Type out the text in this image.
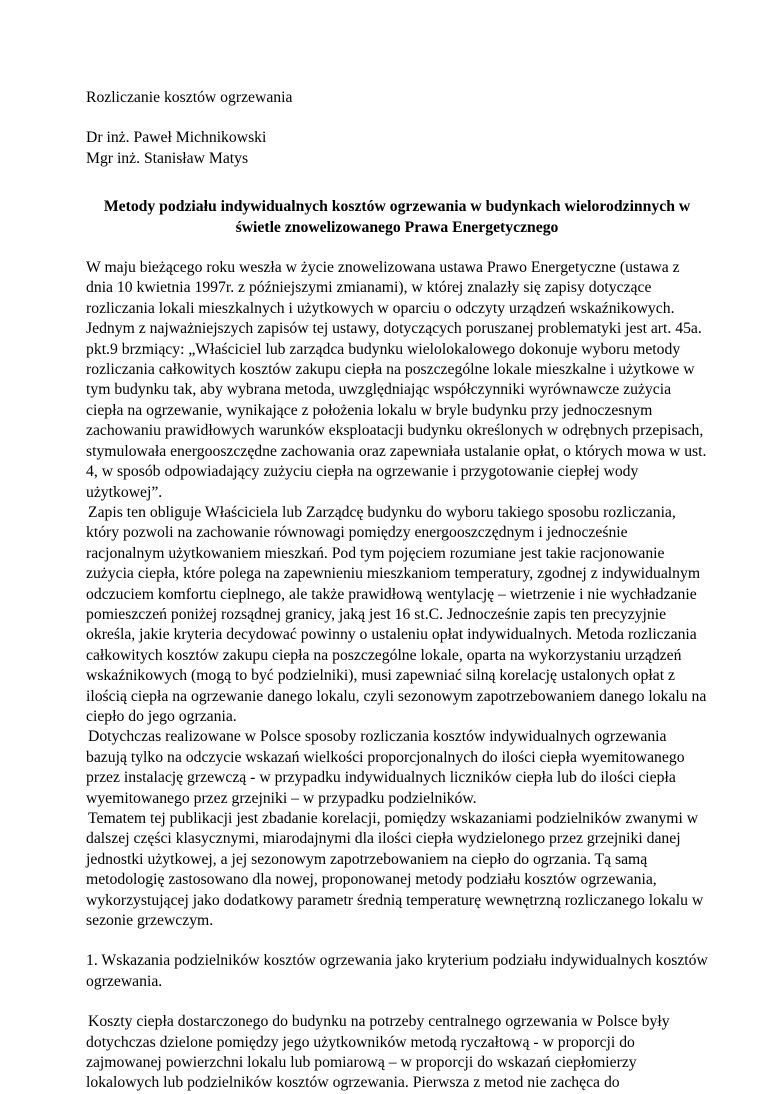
Rozliczanie kosztów ogrzewania

Dr inż. Paweł Michnikowski

Mgr inż. Stanisław Matys

Metody podziału indywidualnych kosztów ogrzewania w budynkach wielorodzinnych w świetle znowelizowanego Prawa Energetycznego

W maju bieżącego roku weszła w życie znowelizowana ustawa Prawo Energetyczne (ustawa z dnia 10 kwietnia 1997r. z późniejszymi zmianami), w której znalazły się zapisy dotyczące rozliczania lokali mieszkalnych i użytkowych w oparciu o odczyty urządzeń wskaźnikowych. Jednym z najważniejszych zapisów tej ustawy, dotyczących poruszanej problematyki jest art. 45a. pkt.9 brzmiący: „Właściciel lub zarządca budynku wielolokalowego dokonuje wyboru metody rozliczania całkowitych kosztów zakupu ciepła na poszczególne lokale mieszkalne i użytkowe w tym budynku tak, aby wybrana metoda, uwzględniając współczynniki wyrównawcze zużycia ciepła na ogrzewanie, wynikające z położenia lokalu w bryle budynku przy jednoczesnym zachowaniu prawidłowych warunków eksploatacji budynku określonych w odrębnych przepisach, stymulowała energooszczędne zachowania oraz zapewniała ustalanie opłat, o których mowa w ust. 4, w sposób odpowiadający zużyciu ciepła na ogrzewanie i przygotowanie ciepłej wody użytkowej”.

Zapis ten obliguje Właściciela lub Zarządcę budynku do wyboru takiego sposobu rozliczania, który pozwoli na zachowanie równowagi pomiędzy energooszczędnym i jednocześnie racjonalnym użytkowaniem mieszkań. Pod tym pojęciem rozumiane jest takie racjonowanie zużycia ciepła, które polega na zapewnieniu mieszkaniom temperatury, zgodnej z indywidualnym odczuciem komfortu cieplnego, ale także prawidłową wentylację – wietrzenie i nie wychładzanie pomieszczeń poniżej rozsądnej granicy, jaką jest 16 st.C. Jednocześnie zapis ten precyzyjnie określa, jakie kryteria decydować powinny o ustaleniu opłat indywidualnych. Metoda rozliczania całkowitych kosztów zakupu ciepła na poszczególne lokale, oparta na wykorzystaniu urządzeń wskaźnikowych (mogą to być podzielniki), musi zapewniać silną korelację ustalonych opłat z ilością ciepła na ogrzewanie danego lokalu, czyli sezonowym zapotrzebowaniem danego lokalu na ciepło do jego ogrzania.

Dotychczas realizowane w Polsce sposoby rozliczania kosztów indywidualnych ogrzewania bazują tylko na odczycie wskazań wielkości proporcjonalnych do ilości ciepła wyemitowanego przez instalację grzewczą - w przypadku indywidualnych liczników ciepła lub do ilości ciepła wyemitowanego przez grzejniki – w przypadku podzielników.

Tematem tej publikacji jest zbadanie korelacji, pomiędzy wskazaniami podzielników zwanymi w dalszej części klasycznymi, miarodajnymi dla ilości ciepła wydzielonego przez grzejniki danej jednostki użytkowej, a jej sezonowym zapotrzebowaniem na ciepło do ogrzania. Tą samą metodologię zastosowano dla nowej, proponowanej metody podziału kosztów ogrzewania, wykorzystującej jako dodatkowy parametr średnią temperaturę wewnętrzną rozliczanego lokalu w sezonie grzewczym.

1. Wskazania podzielników kosztów ogrzewania jako kryterium podziału indywidualnych kosztów ogrzewania.

Koszty ciepła dostarczonego do budynku na potrzeby centralnego ogrzewania w Polsce były dotychczas dzielone pomiędzy jego użytkowników metodą ryczałtową - w proporcji do zajmowanej powierzchni lokalu lub pomiarową – w proporcji do wskazań ciepłomierzy lokalowych lub podzielników kosztów ogrzewania. Pierwsza z metod nie zachęca do
